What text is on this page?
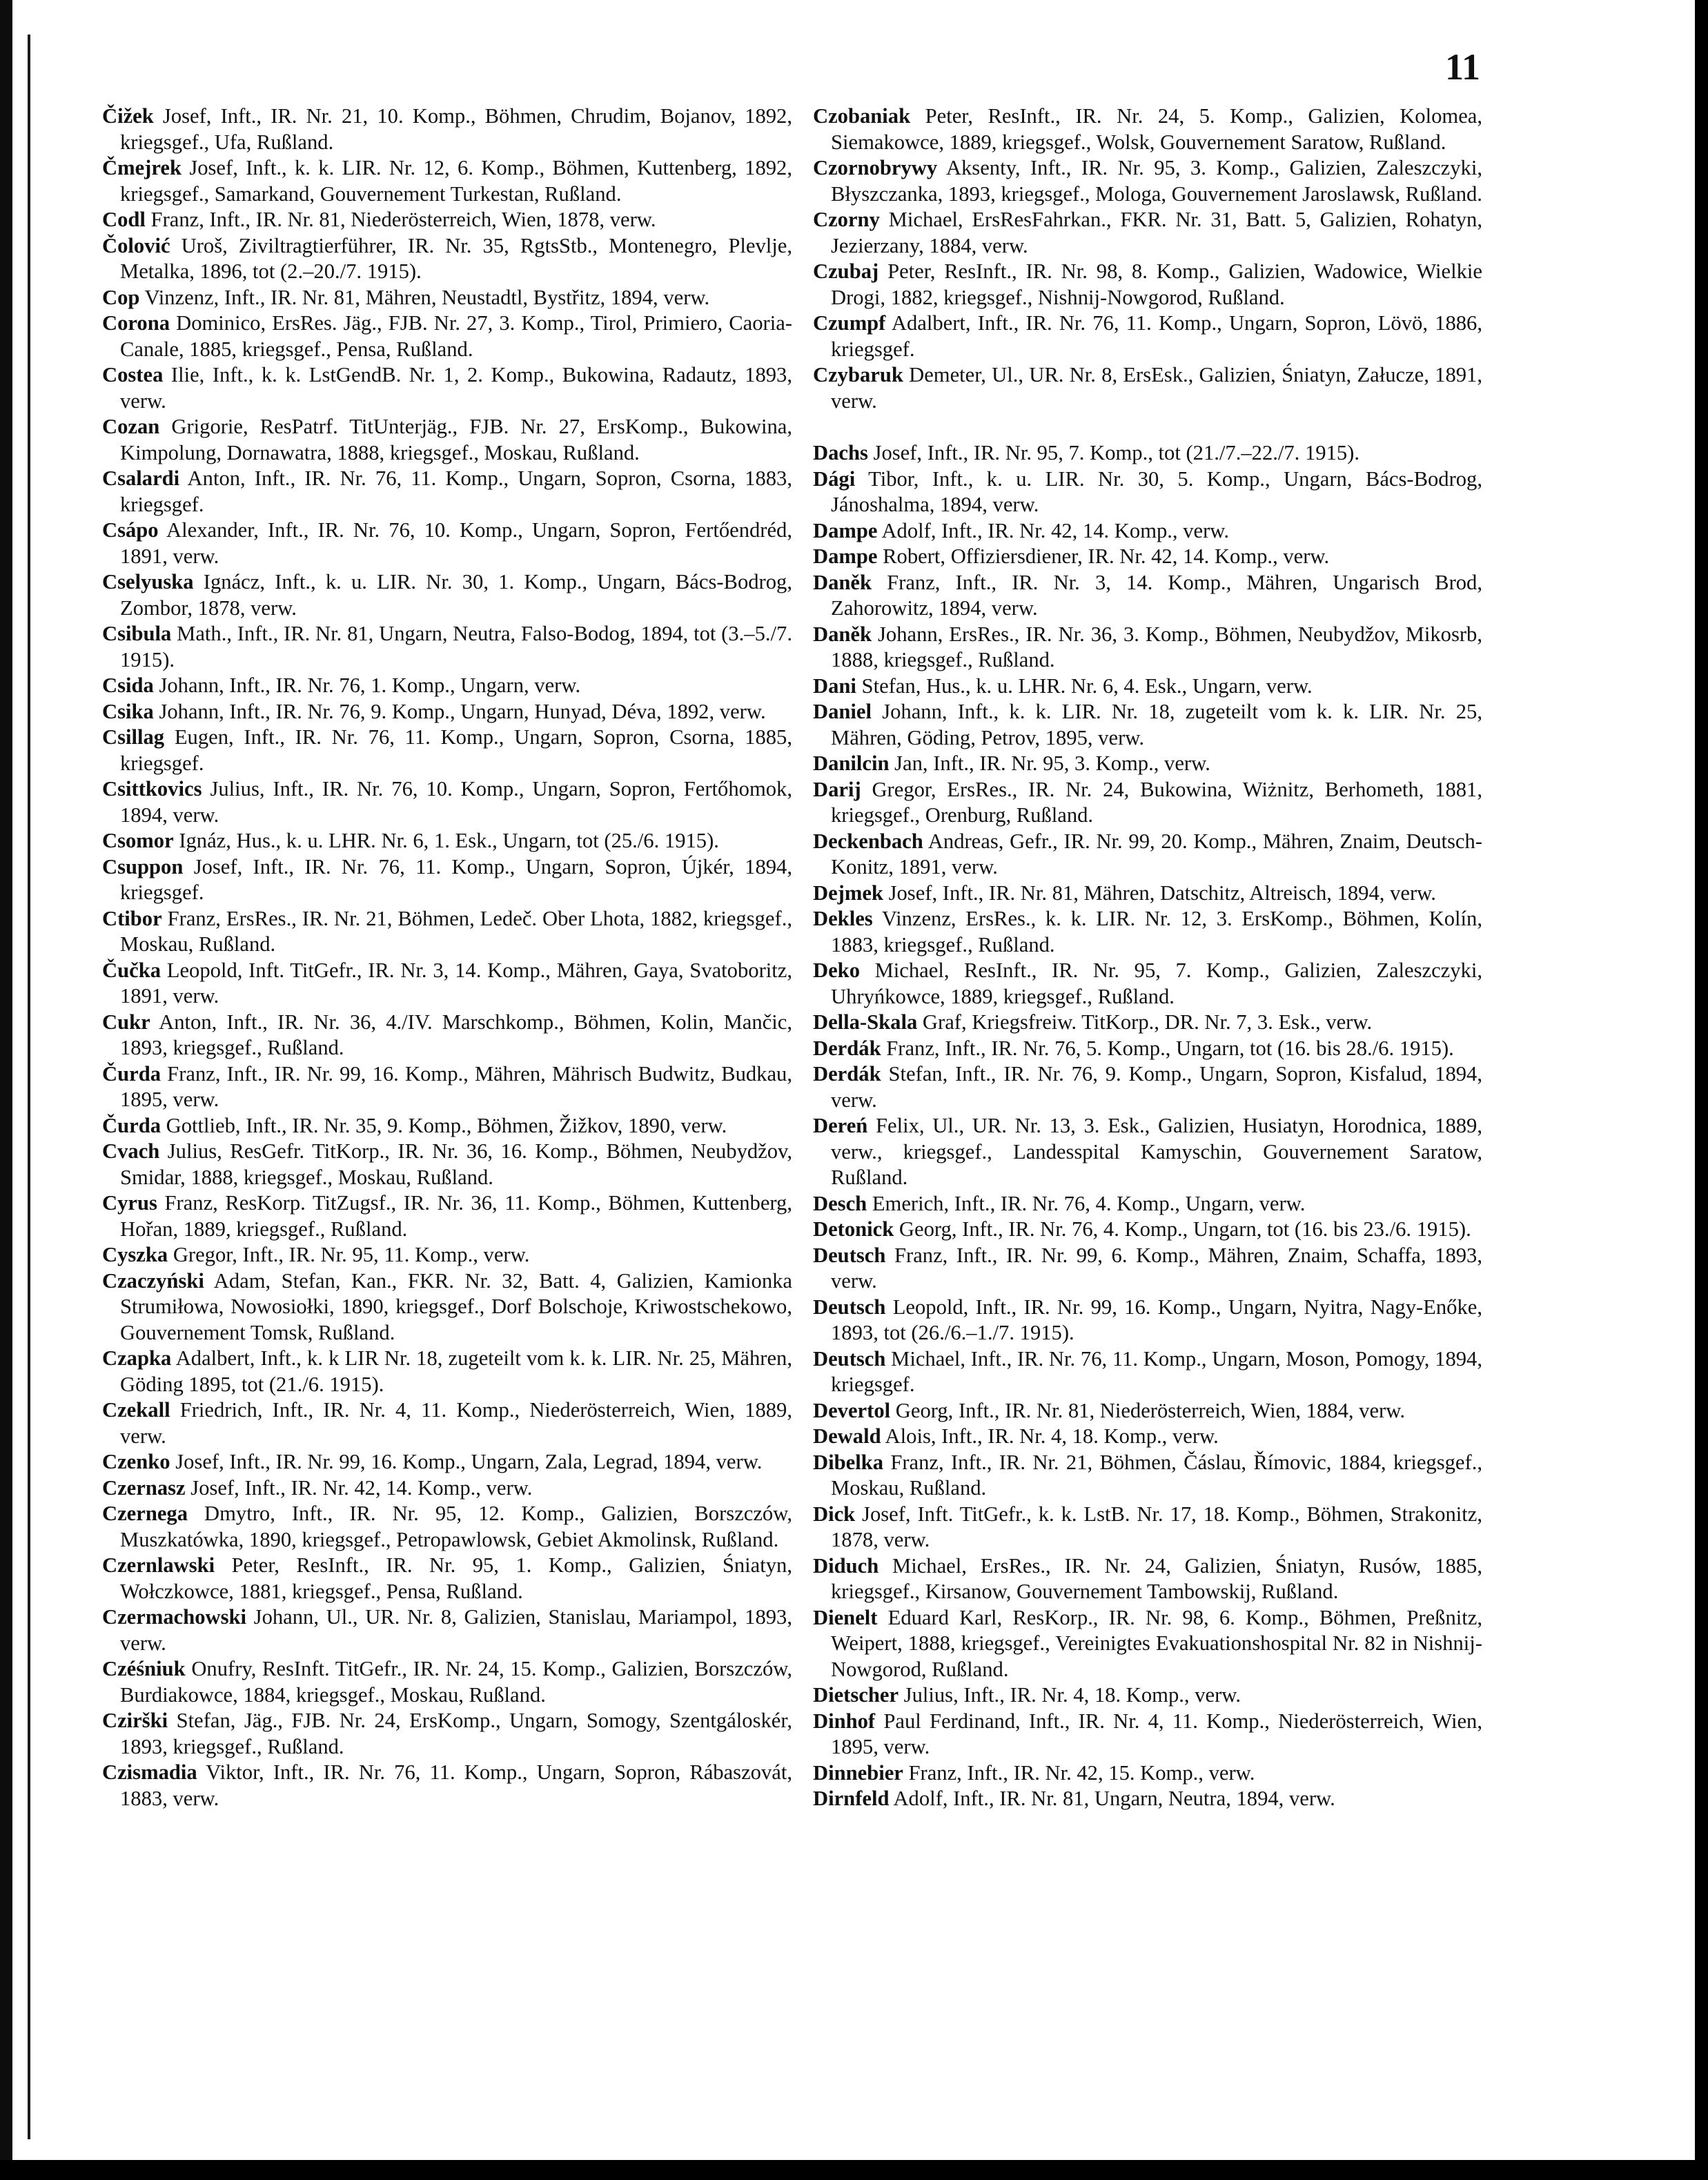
11
Čižek Josef, Inft., IR. Nr. 21, 10. Komp., Böhmen, Chrudim, Bojanov, 1892, kriegsgef., Ufa, Rußland.
Čmejrek Josef, Inft., k. k. LIR. Nr. 12, 6. Komp., Böhmen, Kuttenberg, 1892, kriegsgef., Samarkand, Gouvernement Turkestan, Rußland.
Codl Franz, Inft., IR. Nr. 81, Niederösterreich, Wien, 1878, verw.
Čolović Uroš, Ziviltragtierführer, IR. Nr. 35, RgtsStb., Montenegro, Plevlje, Metalka, 1896, tot (2.–20./7. 1915).
Cop Vinzenz, Inft., IR. Nr. 81, Mähren, Neustadtl, Bystřitz, 1894, verw.
Corona Dominico, ErsRes. Jäg., FJB. Nr. 27, 3. Komp., Tirol, Primiero, Caoria-Canale, 1885, kriegsgef., Pensa, Rußland.
Costea Ilie, Inft., k. k. LstGendB. Nr. 1, 2. Komp., Bukowina, Radautz, 1893, verw.
Cozan Grigorie, ResPatrf. TitUnterjäg., FJB. Nr. 27, ErsKomp., Bukowina, Kimpolung, Dornawatra, 1888, kriegsgef., Moskau, Rußland.
Csalardi Anton, Inft., IR. Nr. 76, 11. Komp., Ungarn, Sopron, Csorna, 1883, kriegsgef.
Csápo Alexander, Inft., IR. Nr. 76, 10. Komp., Ungarn, Sopron, Fertőendréd, 1891, verw.
Cselyuska Ignácz, Inft., k. u. LIR. Nr. 30, 1. Komp., Ungarn, Bács-Bodrog, Zombor, 1878, verw.
Csibula Math., Inft., IR. Nr. 81, Ungarn, Neutra, Falso-Bodog, 1894, tot (3.–5./7. 1915).
Csida Johann, Inft., IR. Nr. 76, 1. Komp., Ungarn, verw.
Csika Johann, Inft., IR. Nr. 76, 9. Komp., Ungarn, Hunyad, Déva, 1892, verw.
Csillag Eugen, Inft., IR. Nr. 76, 11. Komp., Ungarn, Sopron, Csorna, 1885, kriegsgef.
Csittkovics Julius, Inft., IR. Nr. 76, 10. Komp., Ungarn, Sopron, Fertőhomok, 1894, verw.
Csomor Ignáz, Hus., k. u. LHR. Nr. 6, 1. Esk., Ungarn, tot (25./6. 1915).
Csuppon Josef, Inft., IR. Nr. 76, 11. Komp., Ungarn, Sopron, Újkér, 1894, kriegsgef.
Ctibor Franz, ErsRes., IR. Nr. 21, Böhmen, Ledeč. Ober Lhota, 1882, kriegsgef., Moskau, Rußland.
Čučka Leopold, Inft. TitGefr., IR. Nr. 3, 14. Komp., Mähren, Gaya, Svatoboritz, 1891, verw.
Cukr Anton, Inft., IR. Nr. 36, 4./IV. Marschkomp., Böhmen, Kolin, Mančic, 1893, kriegsgef., Rußland.
Čurda Franz, Inft., IR. Nr. 99, 16. Komp., Mähren, Mährisch Budwitz, Budkau, 1895, verw.
Čurda Gottlieb, Inft., IR. Nr. 35, 9. Komp., Böhmen, Žižkov, 1890, verw.
Cvach Julius, ResGefr. TitKorp., IR. Nr. 36, 16. Komp., Böhmen, Neubydžov, Smidar, 1888, kriegsgef., Moskau, Rußland.
Cyrus Franz, ResKorp. TitZugsf., IR. Nr. 36, 11. Komp., Böhmen, Kuttenberg, Hořan, 1889, kriegsgef., Rußland.
Cyszka Gregor, Inft., IR. Nr. 95, 11. Komp., verw.
Czaczyński Adam, Stefan, Kan., FKR. Nr. 32, Batt. 4, Galizien, Kamionka Strumiłowa, Nowosiołki, 1890, kriegsgef., Dorf Bolschoje, Kriwostschekowo, Gouvernement Tomsk, Rußland.
Czapka Adalbert, Inft., k. k LIR Nr. 18, zugeteilt vom k. k. LIR. Nr. 25, Mähren, Göding 1895, tot (21./6. 1915).
Czekall Friedrich, Inft., IR. Nr. 4, 11. Komp., Niederösterreich, Wien, 1889, verw.
Czenko Josef, Inft., IR. Nr. 99, 16. Komp., Ungarn, Zala, Legrad, 1894, verw.
Czernasz Josef, Inft., IR. Nr. 42, 14. Komp., verw.
Czernega Dmytro, Inft., IR. Nr. 95, 12. Komp., Galizien, Borszczów, Muszkatówka, 1890, kriegsgef., Petropawlowsk, Gebiet Akmolinsk, Rußland.
Czernlawski Peter, ResInft., IR. Nr. 95, 1. Komp., Galizien, Śniatyn, Wołczkowce, 1881, kriegsgef., Pensa, Rußland.
Czermachowski Johann, Ul., UR. Nr. 8, Galizien, Stanislau, Mariampol, 1893, verw.
Czéśniuk Onufry, ResInft. TitGefr., IR. Nr. 24, 15. Komp., Galizien, Borszczów, Burdiakowce, 1884, kriegsgef., Moskau, Rußland.
Czirški Stefan, Jäg., FJB. Nr. 24, ErsKomp., Ungarn, Somogy, Szentgáloskér, 1893, kriegsgef., Rußland.
Czismadia Viktor, Inft., IR. Nr. 76, 11. Komp., Ungarn, Sopron, Rábaszovát, 1883, verw.
Czobaniak Peter, ResInft., IR. Nr. 24, 5. Komp., Galizien, Kolomea, Siemakowce, 1889, kriegsgef., Wolsk, Gouvernement Saratow, Rußland.
Czornobrywy Aksenty, Inft., IR. Nr. 95, 3. Komp., Galizien, Zaleszczyki, Błyszczanka, 1893, kriegsgef., Mologa, Gouvernement Jaroslawsk, Rußland.
Czorny Michael, ErsResFahrkan., FKR. Nr. 31, Batt. 5, Galizien, Rohatyn, Jezierzany, 1884, verw.
Czubaj Peter, ResInft., IR. Nr. 98, 8. Komp., Galizien, Wadowice, Wielkie Drogi, 1882, kriegsgef., Nishnij-Nowgorod, Rußland.
Czumpf Adalbert, Inft., IR. Nr. 76, 11. Komp., Ungarn, Sopron, Lövö, 1886, kriegsgef.
Czybaruk Demeter, Ul., UR. Nr. 8, ErsEsk., Galizien, Śniatyn, Załucze, 1891, verw.
Dachs Josef, Inft., IR. Nr. 95, 7. Komp., tot (21./7.–22./7. 1915).
Dági Tibor, Inft., k. u. LIR. Nr. 30, 5. Komp., Ungarn, Bács-Bodrog, Jánoshalma, 1894, verw.
Dampe Adolf, Inft., IR. Nr. 42, 14. Komp., verw.
Dampe Robert, Offiziersdiener, IR. Nr. 42, 14. Komp., verw.
Daněk Franz, Inft., IR. Nr. 3, 14. Komp., Mähren, Ungarisch Brod, Zahorowitz, 1894, verw.
Daněk Johann, ErsRes., IR. Nr. 36, 3. Komp., Böhmen, Neubydžov, Mikosrb, 1888, kriegsgef., Rußland.
Dani Stefan, Hus., k. u. LHR. Nr. 6, 4. Esk., Ungarn, verw.
Daniel Johann, Inft., k. k. LIR. Nr. 18, zugeteilt vom k. k. LIR. Nr. 25, Mähren, Göding, Petrov, 1895, verw.
Danilcin Jan, Inft., IR. Nr. 95, 3. Komp., verw.
Darij Gregor, ErsRes., IR. Nr. 24, Bukowina, Wiżnitz, Berhometh, 1881, kriegsgef., Orenburg, Rußland.
Deckenbach Andreas, Gefr., IR. Nr. 99, 20. Komp., Mähren, Znaim, Deutsch-Konitz, 1891, verw.
Dejmek Josef, Inft., IR. Nr. 81, Mähren, Datschitz, Altreisch, 1894, verw.
Dekles Vinzenz, ErsRes., k. k. LIR. Nr. 12, 3. ErsKomp., Böhmen, Kolín, 1883, kriegsgef., Rußland.
Deko Michael, ResInft., IR. Nr. 95, 7. Komp., Galizien, Zaleszczyki, Uhryńkowce, 1889, kriegsgef., Rußland.
Della-Skala Graf, Kriegsfreiw. TitKorp., DR. Nr. 7, 3. Esk., verw.
Derdák Franz, Inft., IR. Nr. 76, 5. Komp., Ungarn, tot (16. bis 28./6. 1915).
Derdák Stefan, Inft., IR. Nr. 76, 9. Komp., Ungarn, Sopron, Kisfalud, 1894, verw.
Dereń Felix, Ul., UR. Nr. 13, 3. Esk., Galizien, Husiatyn, Horodnica, 1889, verw., kriegsgef., Landesspital Kamyschin, Gouvernement Saratow, Rußland.
Desch Emerich, Inft., IR. Nr. 76, 4. Komp., Ungarn, verw.
Detonick Georg, Inft., IR. Nr. 76, 4. Komp., Ungarn, tot (16. bis 23./6. 1915).
Deutsch Franz, Inft., IR. Nr. 99, 6. Komp., Mähren, Znaim, Schaffa, 1893, verw.
Deutsch Leopold, Inft., IR. Nr. 99, 16. Komp., Ungarn, Nyitra, Nagy-Enőke, 1893, tot (26./6.–1./7. 1915).
Deutsch Michael, Inft., IR. Nr. 76, 11. Komp., Ungarn, Moson, Pomogy, 1894, kriegsgef.
Devertol Georg, Inft., IR. Nr. 81, Niederösterreich, Wien, 1884, verw.
Dewald Alois, Inft., IR. Nr. 4, 18. Komp., verw.
Dibelka Franz, Inft., IR. Nr. 21, Böhmen, Čáslau, Římovic, 1884, kriegsgef., Moskau, Rußland.
Dick Josef, Inft. TitGefr., k. k. LstB. Nr. 17, 18. Komp., Böhmen, Strakonitz, 1878, verw.
Diduch Michael, ErsRes., IR. Nr. 24, Galizien, Śniatyn, Rusów, 1885, kriegsgef., Kirsanow, Gouvernement Tambowskij, Rußland.
Dienelt Eduard Karl, ResKorp., IR. Nr. 98, 6. Komp., Böhmen, Preßnitz, Weipert, 1888, kriegsgef., Vereinigtes Evakuationshospital Nr. 82 in Nishnij-Nowgorod, Rußland.
Dietscher Julius, Inft., IR. Nr. 4, 18. Komp., verw.
Dinhof Paul Ferdinand, Inft., IR. Nr. 4, 11. Komp., Niederösterreich, Wien, 1895, verw.
Dinnebier Franz, Inft., IR. Nr. 42, 15. Komp., verw.
Dirnfeld Adolf, Inft., IR. Nr. 81, Ungarn, Neutra, 1894, verw.
